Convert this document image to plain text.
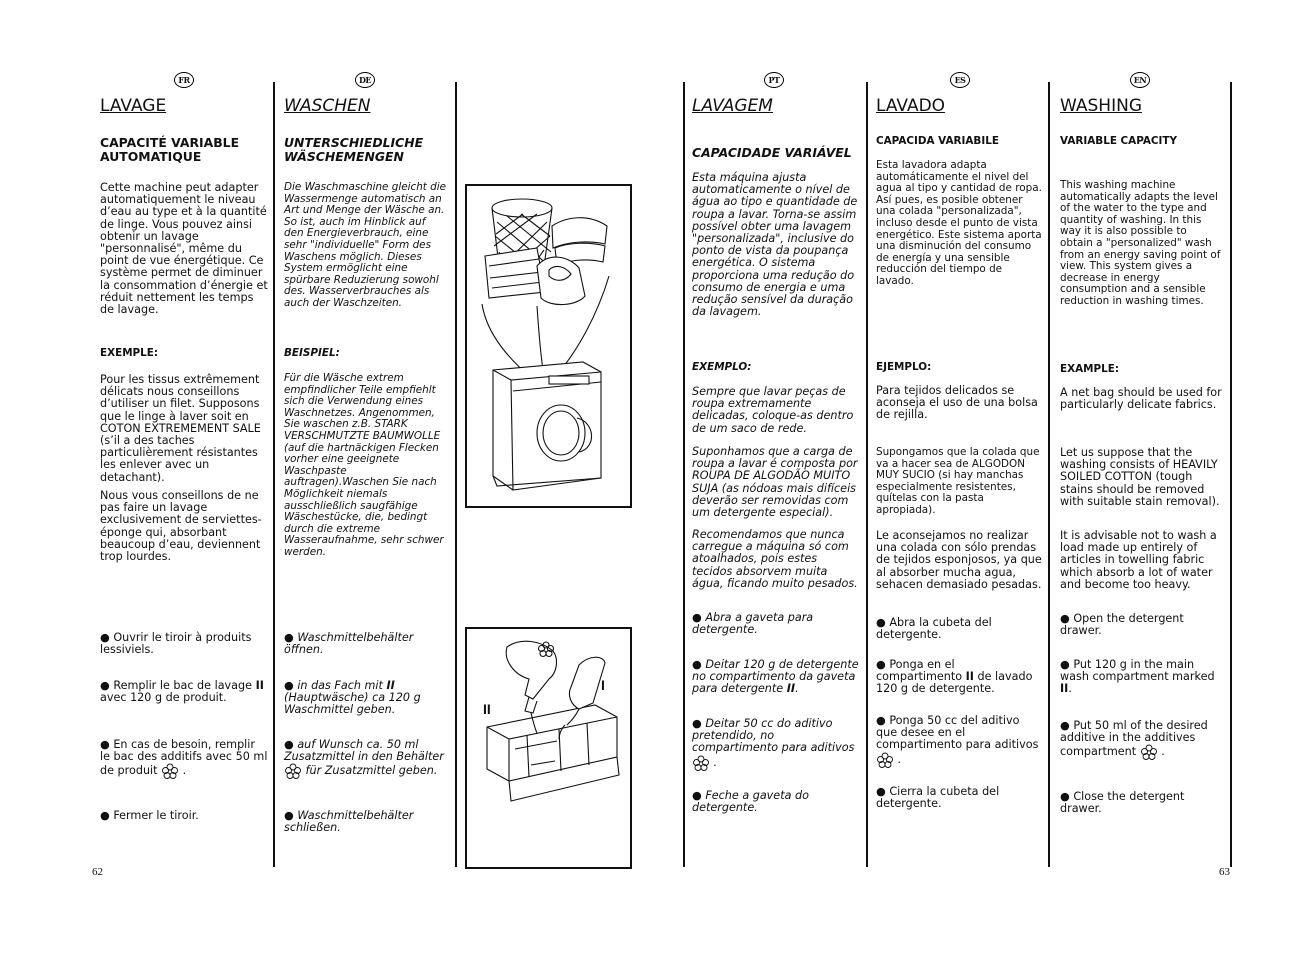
FR	DE	PT	ES	EN
LAVAGE
CAPACITÉ VARIABLE AUTOMATIQUE
Cette machine peut adapter automatiquement le niveau d’eau au type et à la quantité de linge. Vous pouvez ainsi obtenir un lavage "personnalisé", même du point de vue énergétique. Ce système permet de diminuer la consommation d’énergie et réduit nettement les temps de lavage.
EXEMPLE:
Pour les tissus extrêmement délicats nous conseillons d’utiliser un filet. Supposons que le linge à laver soit en COTON EXTREMEMENT SALE (s’il a des taches particulièrement résistantes les enlever avec un detachant).
Nous vous conseillons de ne pas faire un lavage exclusivement de serviettes-éponge qui, absorbant beaucoup d’eau, deviennent trop lourdes.
● Ouvrir le tiroir à produits lessiviels.
● Remplir le bac de lavage II avec 120 g de produit.
● En cas de besoin, remplir le bac des additifs avec 50 ml de produit  .
● Fermer le tiroir.
WASCHEN
UNTERSCHIEDLICHE WÄSCHEMENGEN
Die Waschmaschine gleicht die Wassermenge automatisch an Art und Menge der Wäsche an. So ist, auch im Hinblick auf den Energieverbrauch, eine sehr "individuelle" Form des Waschens möglich. Dieses System ermöglicht eine spürbare Reduzierung sowohl des. Wasserverbrauches als auch der Waschzeiten.
BEISPIEL:
Für die Wäsche extrem empfindlicher Teile empfiehlt sich die Verwendung eines Waschnetzes. Angenommen, Sie waschen z.B. STARK VERSCHMUTZTE BAUMWOLLE (auf die hartnäckigen Flecken vorher eine geeignete Waschpaste auftragen).Waschen Sie nach Möglichkeit niemals ausschließlich saugfähige Wäschestücke, die, bedingt durch die extreme Wasseraufnahme, sehr schwer werden.
● Waschmittelbehälter öffnen.
● in das Fach mit II (Hauptwäsche) ca 120 g Waschmittel geben.
● auf Wunsch ca. 50 ml Zusatzmittel in den Behälter  für Zusatzmittel geben.
● Waschmittelbehälter schließen.
II
I
LAVAGEM
CAPACIDADE VARIÁVEL
Esta máquina ajusta automaticamente o nível de água ao tipo e quantidade de roupa a lavar. Torna-se assim possível obter uma lavagem "personalizada", inclusive do ponto de vista da poupança energética. O sistema proporciona uma redução do consumo de energia e uma redução sensível da duração da lavagem.
EXEMPLO:
Sempre que lavar peças de roupa extremamente delicadas, coloque-as dentro de um saco de rede.
Suponhamos que a carga de roupa a lavar é composta por ROUPA DE ALGODÃO MUITO SUJA (as nódoas mais difíceis deverão ser removidas com um detergente especial).
Recomendamos que nunca carregue a máquina só com atoalhados, pois estes tecidos absorvem muita água, ficando muito pesados.
● Abra a gaveta para detergente.
● Deitar 120 g de detergente no compartimento da gaveta para detergente II.
● Deitar 50 cc do aditivo pretendido, no compartimento para aditivos  .
● Feche a gaveta do detergente.
LAVADO
CAPACIDA VARIABILE
Esta lavadora adapta automáticamente el nivel del agua al tipo y cantidad de ropa. Así pues, es posible obtener una colada "personalizada", incluso desde el punto de vista energético. Este sistema aporta una disminución del consumo de energía y una sensible reducción del tiempo de lavado.
EJEMPLO:
Para tejidos delicados se aconseja el uso de una bolsa de rejilla.
Supongamos que la colada que va a hacer sea de ALGODON MUY SUCIO (si hay manchas especialmente resistentes, quítelas con la pasta apropiada).
Le aconsejamos no realizar una colada con sólo prendas de tejidos esponjosos, ya que al absorber mucha agua, sehacen demasiado pesadas.
● Abra la cubeta del detergente.
● Ponga en el compartimento II de lavado 120 g de detergente.
● Ponga 50 cc del aditivo que desee en el compartimento para aditivos  .
● Cierra la cubeta del detergente.
WASHING
VARIABLE CAPACITY
This washing machine automatically adapts the level of the water to the type and quantity of washing. In this way it is also possible to obtain a "personalized" wash from an energy saving point of view. This system gives a decrease in energy consumption and a sensible reduction in washing times.
EXAMPLE:
A net bag should be used for particularly delicate fabrics.
Let us suppose that the washing consists of HEAVILY SOILED COTTON (tough stains should be removed with suitable stain removal).
It is advisable not to wash a load made up entirely of articles in towelling fabric which absorb a lot of water and become too heavy.
● Open the detergent drawer.
● Put 120 g in the main wash compartment marked II.
● Put 50 ml of the desired additive in the additives compartment  .
● Close the detergent drawer.
62	63
